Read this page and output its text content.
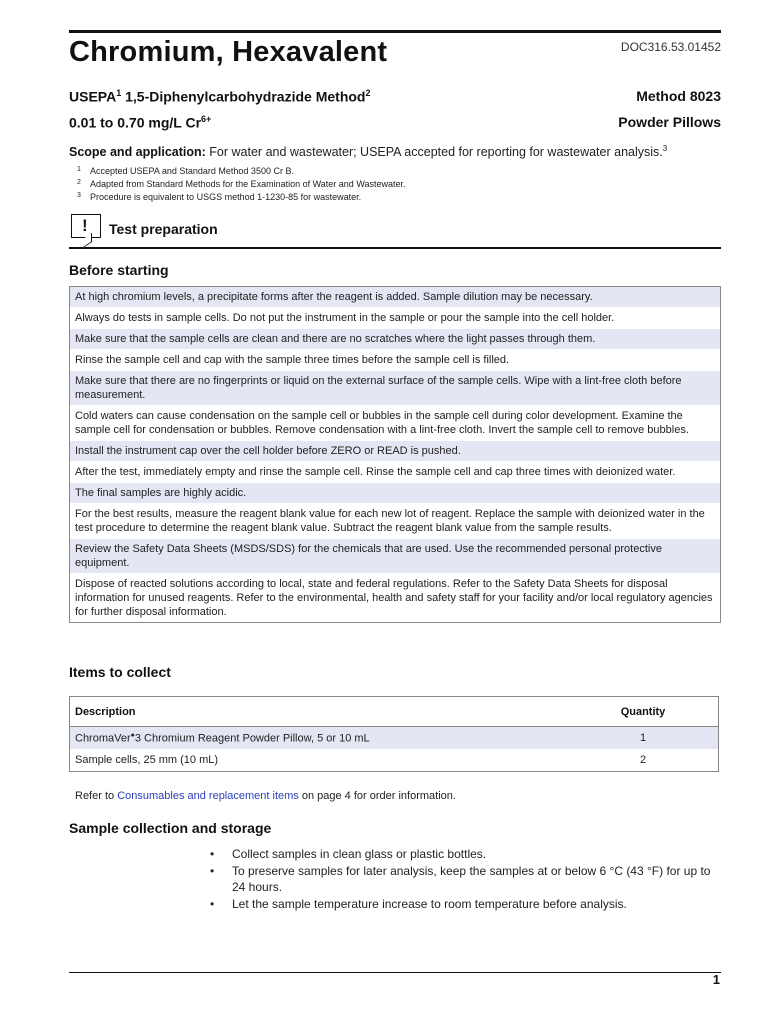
Chromium, Hexavalent	DOC316.53.01452
USEPA$^1$ 1,5-Diphenylcarbohydrazide Method$^2$	Method 8023
0.01 to 0.70 mg/L $Cr^{6+}$	Powder Pillows
Scope and application: For water and wastewater; USEPA accepted for reporting for wastewater analysis.$^3$
1	Accepted USEPA and Standard Method 3500 Cr B.
2	Adapted from Standard Methods for the Examination of Water and Wastewater.
3	Procedure is equivalent to USGS method 1-1230-85 for wastewater.
! Test preparation
Before starting
At high chromium levels, a precipitate forms after the reagent is added. Sample dilution may be necessary.
Always do tests in sample cells. Do not put the instrument in the sample or pour the sample into the cell holder.
Make sure that the sample cells are clean and there are no scratches where the light passes through them.
Rinse the sample cell and cap with the sample three times before the sample cell is filled.
Make sure that there are no fingerprints or liquid on the external surface of the sample cells. Wipe with a lint-free cloth before measurement.
Cold waters can cause condensation on the sample cell or bubbles in the sample cell during color development. Examine the sample cell for condensation or bubbles. Remove condensation with a lint-free cloth. Invert the sample cell to remove bubbles.
Install the instrument cap over the cell holder before ZERO or READ is pushed.
After the test, immediately empty and rinse the sample cell. Rinse the sample cell and cap three times with deionized water.
The final samples are highly acidic.
For the best results, measure the reagent blank value for each new lot of reagent. Replace the sample with deionized water in the test procedure to determine the reagent blank value. Subtract the reagent blank value from the sample results.
Review the Safety Data Sheets (MSDS/SDS) for the chemicals that are used. Use the recommended personal protective equipment.
Dispose of reacted solutions according to local, state and federal regulations. Refer to the Safety Data Sheets for disposal information for unused reagents. Refer to the environmental, health and safety staff for your facility and/or local regulatory agencies for further disposal information.
Items to collect
Description	Quantity
ChromaVer●3 Chromium Reagent Powder Pillow, 5 or 10 mL	1
Sample cells, 25 mm (10 mL)	2
Refer to Consumables and replacement items on page 4 for order information.
Sample collection and storage
• Collect samples in clean glass or plastic bottles.
• To preserve samples for later analysis, keep the samples at or below 6 °C (43 °F) for up to 24 hours.
• Let the sample temperature increase to room temperature before analysis.
1
